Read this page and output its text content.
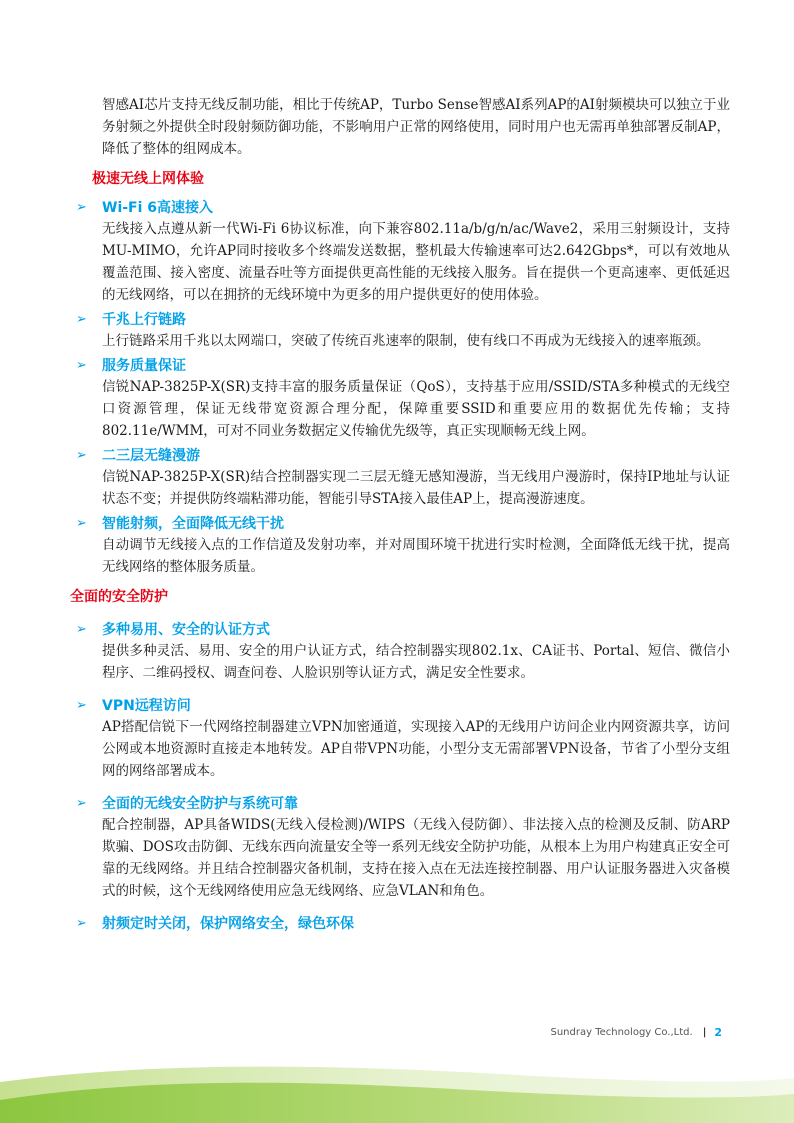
智感AI芯片支持无线反制功能，相比于传统AP，Turbo Sense智感AI系列AP的AI射频模块可以独立于业务射频之外提供全时段射频防御功能，不影响用户正常的网络使用，同时用户也无需再单独部署反制AP，降低了整体的组网成本。

极速无线上网体验
➢	Wi-Fi 6高速接入

无线接入点遵从新一代Wi-Fi 6协议标准，向下兼容802.11a/b/g/n/ac/Wave2，采用三射频设计，支持MU-MIMO，允许AP同时接收多个终端发送数据，整机最大传输速率可达2.642Gbps*，可以有效地从覆盖范围、接入密度、流量吞吐等方面提供更高性能的无线接入服务。旨在提供一个更高速率、更低延迟的无线网络，可以在拥挤的无线环境中为更多的用户提供更好的使用体验。

➢	千兆上行链路

上行链路采用千兆以太网端口，突破了传统百兆速率的限制，使有线口不再成为无线接入的速率瓶颈。

➢	服务质量保证

信锐NAP-3825P-X(SR)支持丰富的服务质量保证（QoS），支持基于应用/SSID/STA多种模式的无线空口资源管理，保证无线带宽资源合理分配，保障重要SSID和重要应用的数据优先传输；支持802.11e/WMM，可对不同业务数据定义传输优先级等，真正实现顺畅无线上网。

➢	二三层无缝漫游

信锐NAP-3825P-X(SR)结合控制器实现二三层无缝无感知漫游，当无线用户漫游时，保持IP地址与认证状态不变；并提供防终端粘滞功能，智能引导STA接入最佳AP上，提高漫游速度。

➢	智能射频，全面降低无线干扰

自动调节无线接入点的工作信道及发射功率，并对周围环境干扰进行实时检测，全面降低无线干扰，提高无线网络的整体服务质量。

全面的安全防护
➢	多种易用、安全的认证方式

提供多种灵活、易用、安全的用户认证方式，结合控制器实现802.1x、CA证书、Portal、短信、微信小程序、二维码授权、调查问卷、人脸识别等认证方式，满足安全性要求。

➢	VPN远程访问

AP搭配信锐下一代网络控制器建立VPN加密通道，实现接入AP的无线用户访问企业内网资源共享，访问公网或本地资源时直接走本地转发。AP自带VPN功能，小型分支无需部署VPN设备，节省了小型分支组网的网络部署成本。

➢	全面的无线安全防护与系统可靠

配合控制器，AP具备WIDS(无线入侵检测)/WIPS（无线入侵防御）、非法接入点的检测及反制、防ARP欺骗、DOS攻击防御、无线东西向流量安全等一系列无线安全防护功能，从根本上为用户构建真正安全可靠的无线网络。并且结合控制器灾备机制，支持在接入点在无法连接控制器、用户认证服务器进入灾备模式的时候，这个无线网络使用应急无线网络、应急VLAN和角色。

➢	射频定时关闭，保护网络安全，绿色环保
Sundray Technology Co.,Ltd. | 2
